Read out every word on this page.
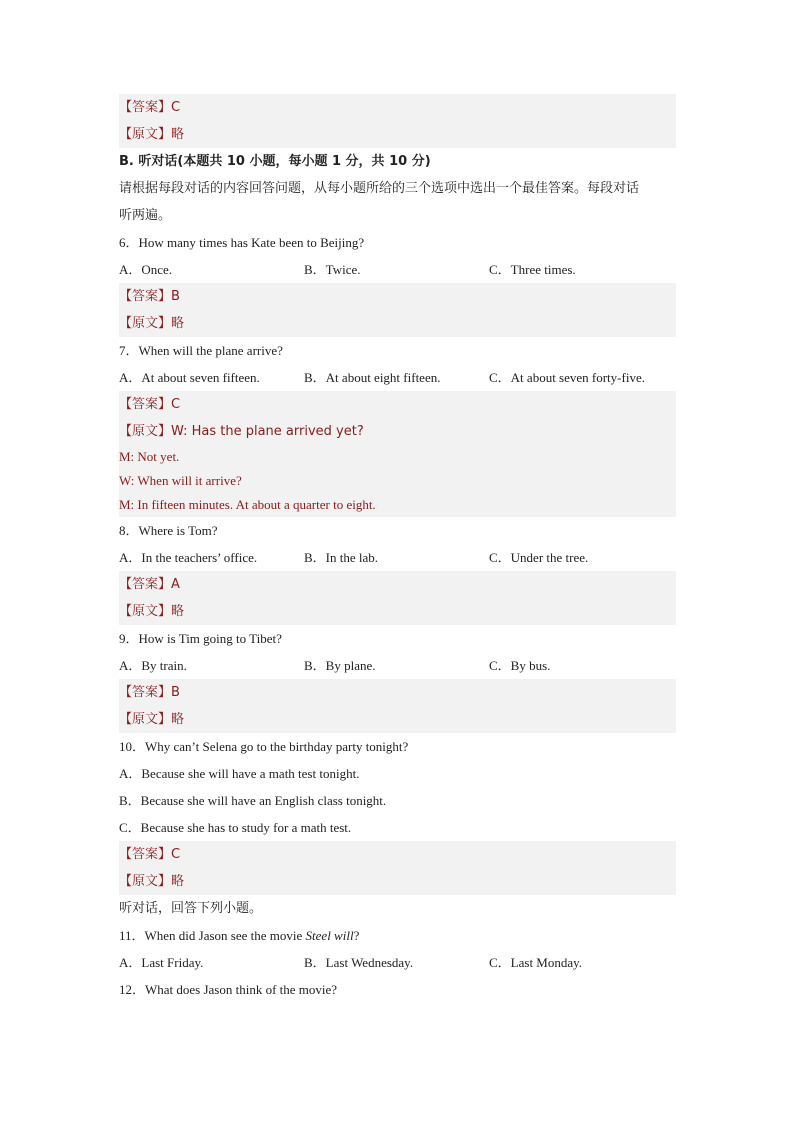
【答案】C
【原文】略
B. 听对话(本题共 10 小题，每小题 1 分，共 10 分)
请根据每段对话的内容回答问题，从每小题所给的三个选项中选出一个最佳答案。每段对话
听两遍。
6．How many times has Kate been to Beijing?
A．Once.	B．Twice.	C．Three times.
【答案】B
【原文】略
7．When will the plane arrive?
A．At about seven fifteen.	B．At about eight fifteen.	C．At about seven forty-five.
【答案】C
【原文】W: Has the plane arrived yet?
M: Not yet.
W: When will it arrive?
M: In fifteen minutes. At about a quarter to eight.
8．Where is Tom?
A．In the teachers’ office.	B．In the lab.	C．Under the tree.
【答案】A
【原文】略
9．How is Tim going to Tibet?
A．By train.	B．By plane.	C．By bus.
【答案】B
【原文】略
10．Why can’t Selena go to the birthday party tonight?
A．Because she will have a math test tonight.
B．Because she will have an English class tonight.
C．Because she has to study for a math test.
【答案】C
【原文】略
听对话，回答下列小题。
11．When did Jason see the movie Steel will?
A．Last Friday.	B．Last Wednesday.	C．Last Monday.
12．What does Jason think of the movie?
